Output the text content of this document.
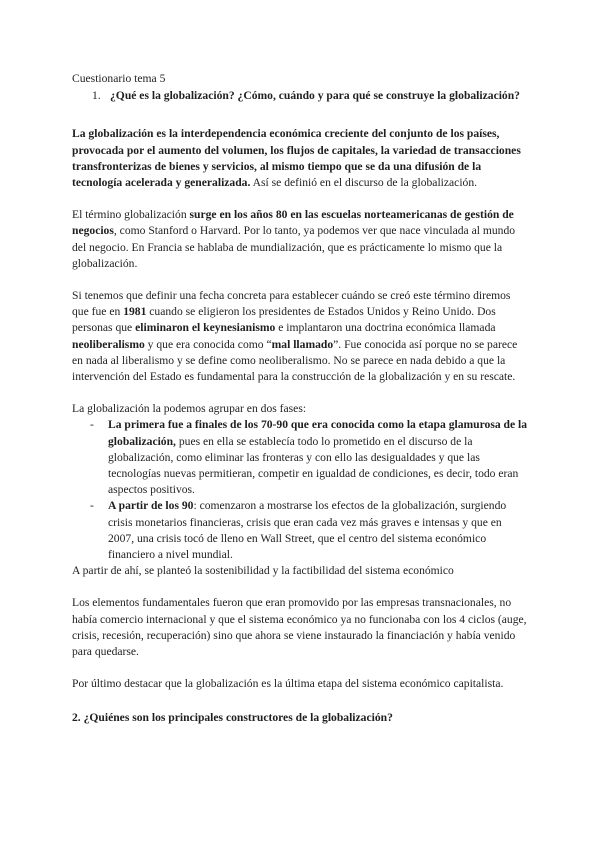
Cuestionario tema 5

1. ¿Qué es la globalización? ¿Cómo, cuándo y para qué se construye la globalización?

La globalización es la interdependencia económica creciente del conjunto de los países, provocada por el aumento del volumen, los flujos de capitales, la variedad de transacciones transfronterizas de bienes y servicios, al mismo tiempo que se da una difusión de la tecnología acelerada y generalizada. Así se definió en el discurso de la globalización.

El término globalización surge en los años 80 en las escuelas norteamericanas de gestión de negocios, como Stanford o Harvard. Por lo tanto, ya podemos ver que nace vinculada al mundo del negocio. En Francia se hablaba de mundialización, que es prácticamente lo mismo que la globalización.

Si tenemos que definir una fecha concreta para establecer cuándo se creó este término diremos que fue en 1981 cuando se eligieron los presidentes de Estados Unidos y Reino Unido. Dos personas que eliminaron el keynesianismo e implantaron una doctrina económica llamada neoliberalismo y que era conocida como “mal llamado”. Fue conocida así porque no se parece en nada al liberalismo y se define como neoliberalismo. No se parece en nada debido a que la intervención del Estado es fundamental para la construcción de la globalización y en su rescate.

La globalización la podemos agrupar en dos fases:

-	La primera fue a finales de los 70-90 que era conocida como la etapa glamurosa de la globalización, pues en ella se establecía todo lo prometido en el discurso de la globalización, como eliminar las fronteras y con ello las desigualdades y que las tecnologías nuevas permitieran, competir en igualdad de condiciones, es decir, todo eran aspectos positivos.
-	A partir de los 90: comenzaron a mostrarse los efectos de la globalización, surgiendo crisis monetarios financieras, crisis que eran cada vez más graves e intensas y que en 2007, una crisis tocó de lleno en Wall Street, que el centro del sistema económico financiero a nivel mundial.

A partir de ahí, se planteó la sostenibilidad y la factibilidad del sistema económico

Los elementos fundamentales fueron que eran promovido por las empresas transnacionales, no había comercio internacional y que el sistema económico ya no funcionaba con los 4 ciclos (auge, crisis, recesión, recuperación) sino que ahora se viene instaurado la financiación y había venido para quedarse.

Por último destacar que la globalización es la última etapa del sistema económico capitalista.

2. ¿Quiénes son los principales constructores de la globalización?
